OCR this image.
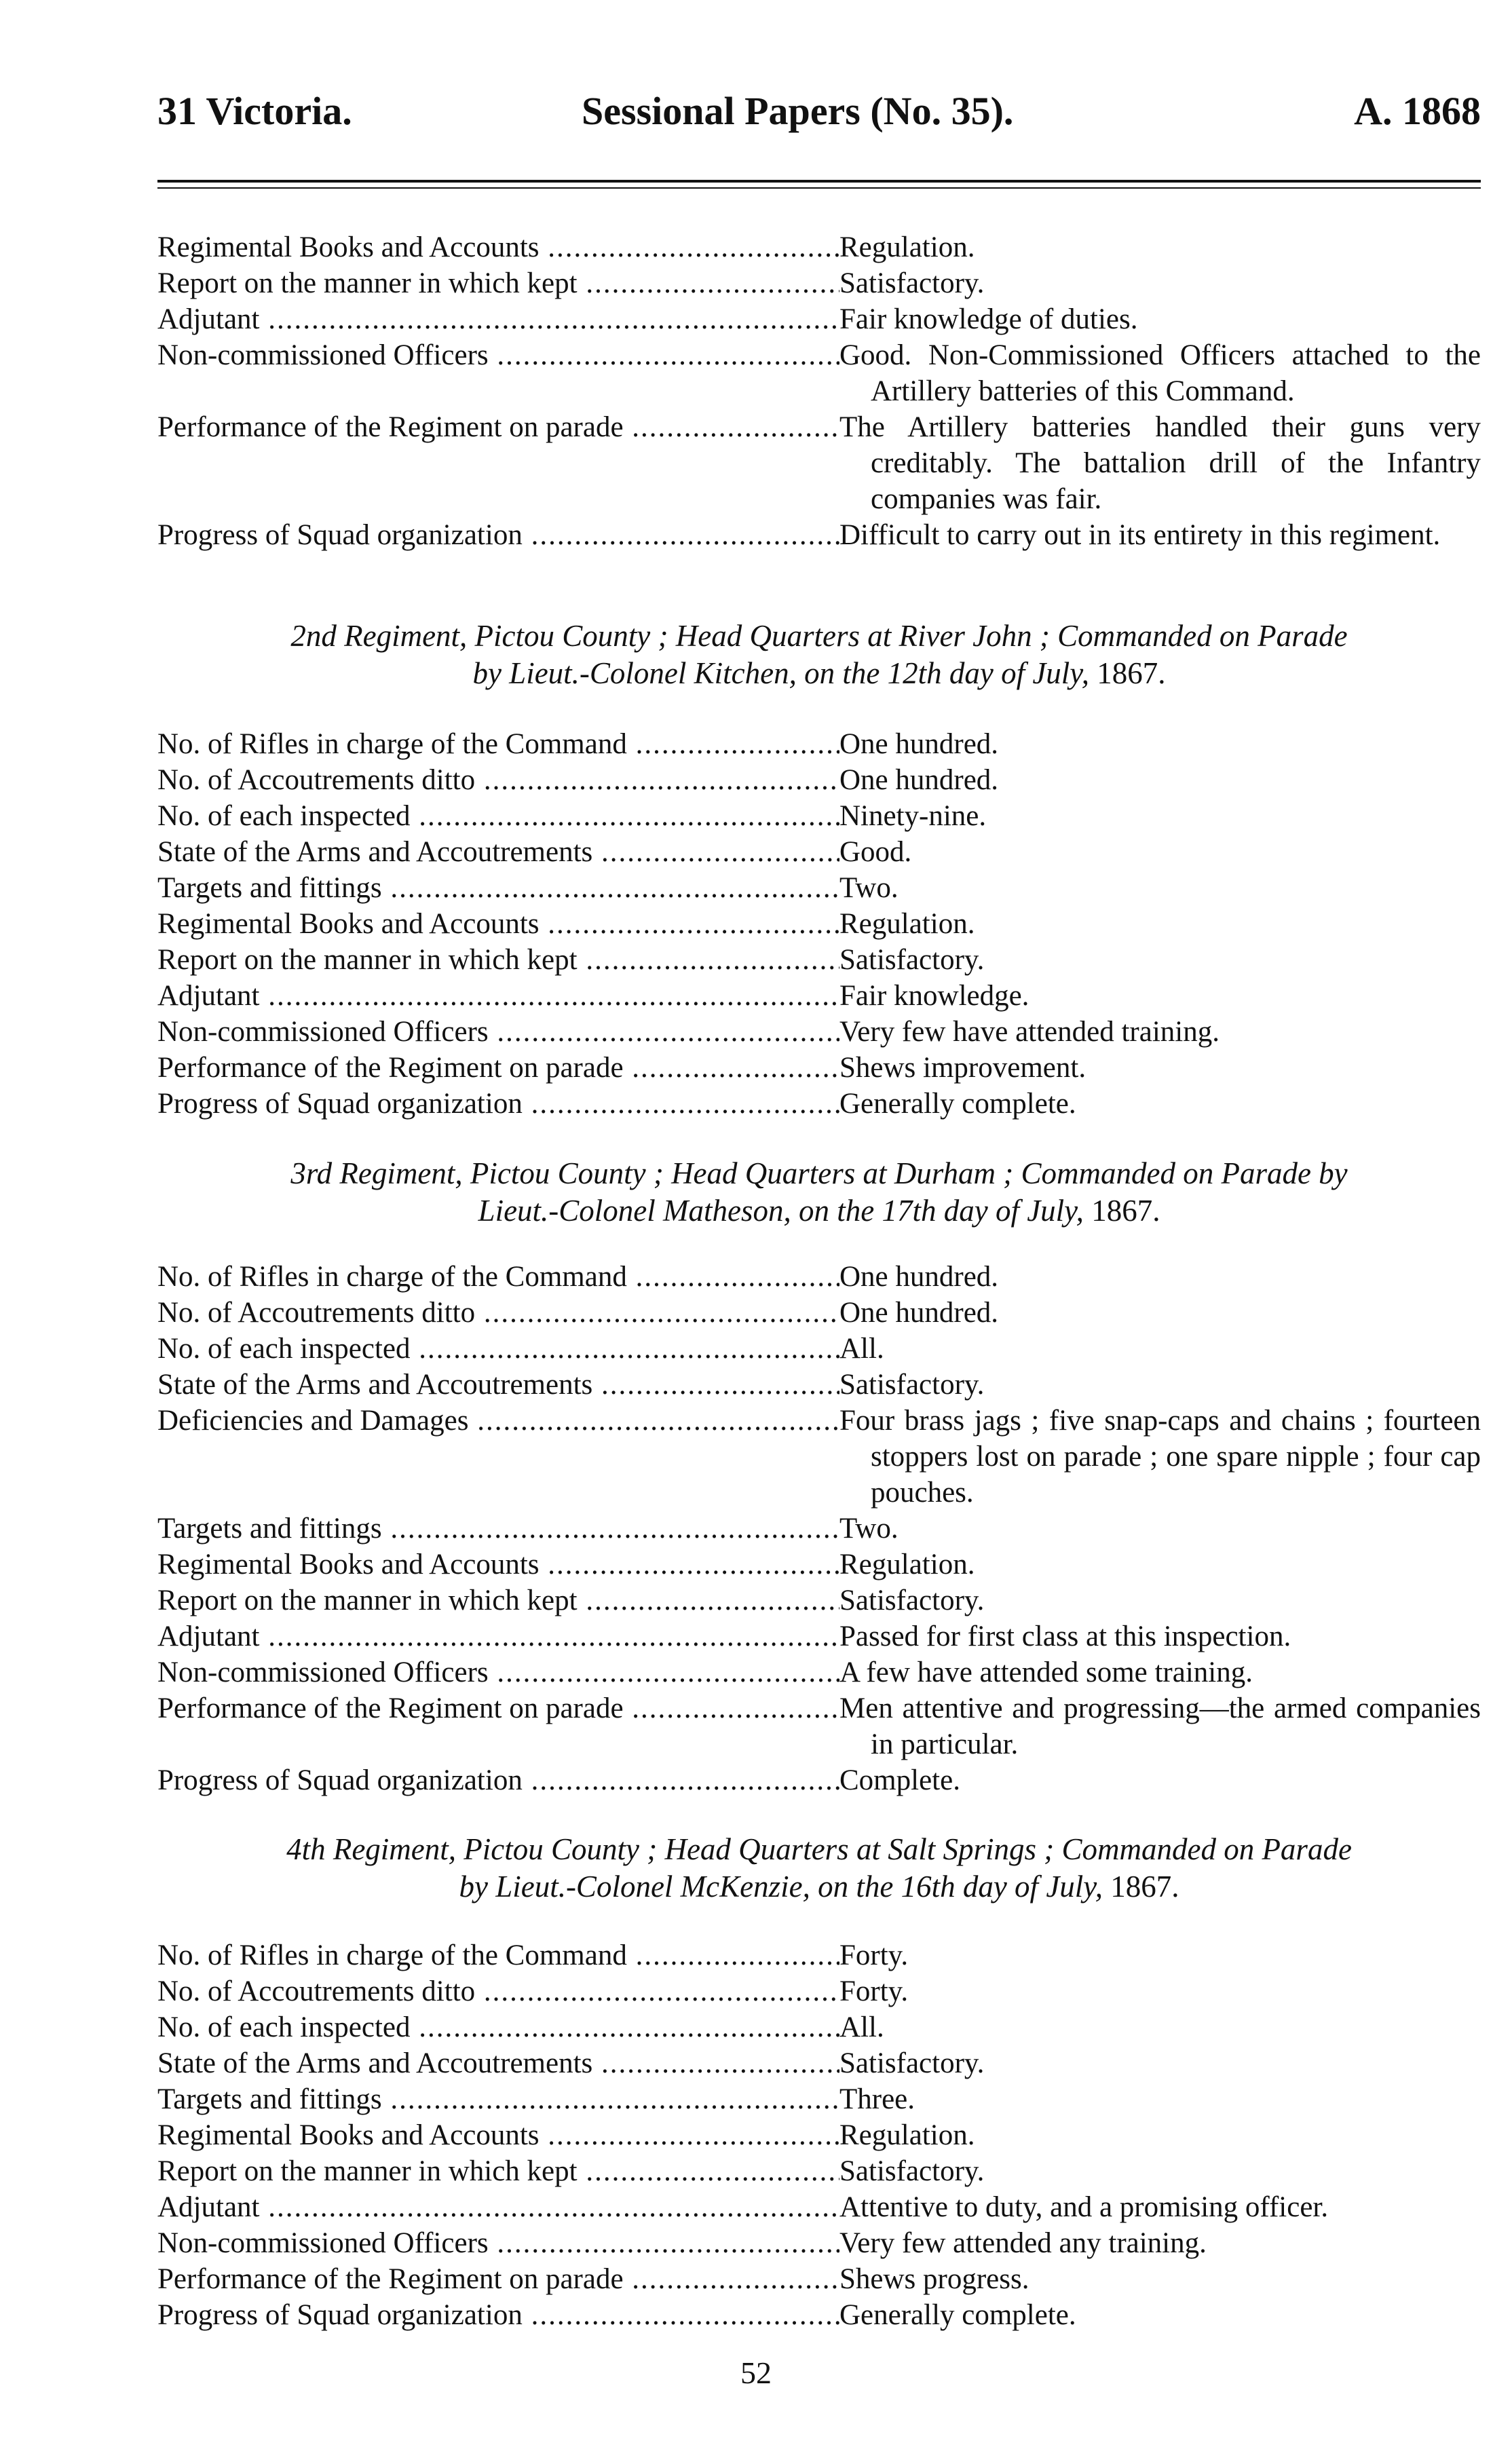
31 Victoria.	Sessional Papers (No. 35).	A. 1868
Regimental Books and Accounts .....	Regulation.
Report on the manner in which kept .....	Satisfactory.
Adjutant .....	Fair knowledge of duties.
Non-commissioned Officers .....	Good. Non-Commissioned Officers attached to the Artillery batteries of this Command.
Performance of the Regiment on parade .....	The Artillery batteries handled their guns very creditably. The battalion drill of the Infantry companies was fair.
Progress of Squad organization .....	Difficult to carry out in its entirety in this regiment.
2nd Regiment, Pictou County ; Head Quarters at River John ; Commanded on Parade
by Lieut.-Colonel Kitchen, on the 12th day of July, 1867.
No. of Rifles in charge of the Command .....	One hundred.
No. of Accoutrements ditto .....	One hundred.
No. of each inspected .....	Ninety-nine.
State of the Arms and Accoutrements .....	Good.
Targets and fittings .....	Two.
Regimental Books and Accounts .....	Regulation.
Report on the manner in which kept .....	Satisfactory.
Adjutant .....	Fair knowledge.
Non-commissioned Officers .....	Very few have attended training.
Performance of the Regiment on parade .....	Shews improvement.
Progress of Squad organization .....	Generally complete.
3rd Regiment, Pictou County ; Head Quarters at Durham ; Commanded on Parade by
Lieut.-Colonel Matheson, on the 17th day of July, 1867.
No. of Rifles in charge of the Command .....	One hundred.
No. of Accoutrements ditto .....	One hundred.
No. of each inspected .....	All.
State of the Arms and Accoutrements .....	Satisfactory.
Deficiencies and Damages .....	Four brass jags ; five snap-caps and chains ; fourteen stoppers lost on parade ; one spare nipple ; four cap pouches.
Targets and fittings .....	Two.
Regimental Books and Accounts .....	Regulation.
Report on the manner in which kept .....	Satisfactory.
Adjutant .....	Passed for first class at this inspection.
Non-commissioned Officers .....	A few have attended some training.
Performance of the Regiment on parade .....	Men attentive and progressing—the armed companies in particular.
Progress of Squad organization .....	Complete.
4th Regiment, Pictou County ; Head Quarters at Salt Springs ; Commanded on Parade
by Lieut.-Colonel McKenzie, on the 16th day of July, 1867.
No. of Rifles in charge of the Command .....	Forty.
No. of Accoutrements ditto .....	Forty.
No. of each inspected .....	All.
State of the Arms and Accoutrements .....	Satisfactory.
Targets and fittings .....	Three.
Regimental Books and Accounts .....	Regulation.
Report on the manner in which kept .....	Satisfactory.
Adjutant .....	Attentive to duty, and a promising officer.
Non-commissioned Officers .....	Very few attended any training.
Performance of the Regiment on parade .....	Shews progress.
Progress of Squad organization .....	Generally complete.
52
